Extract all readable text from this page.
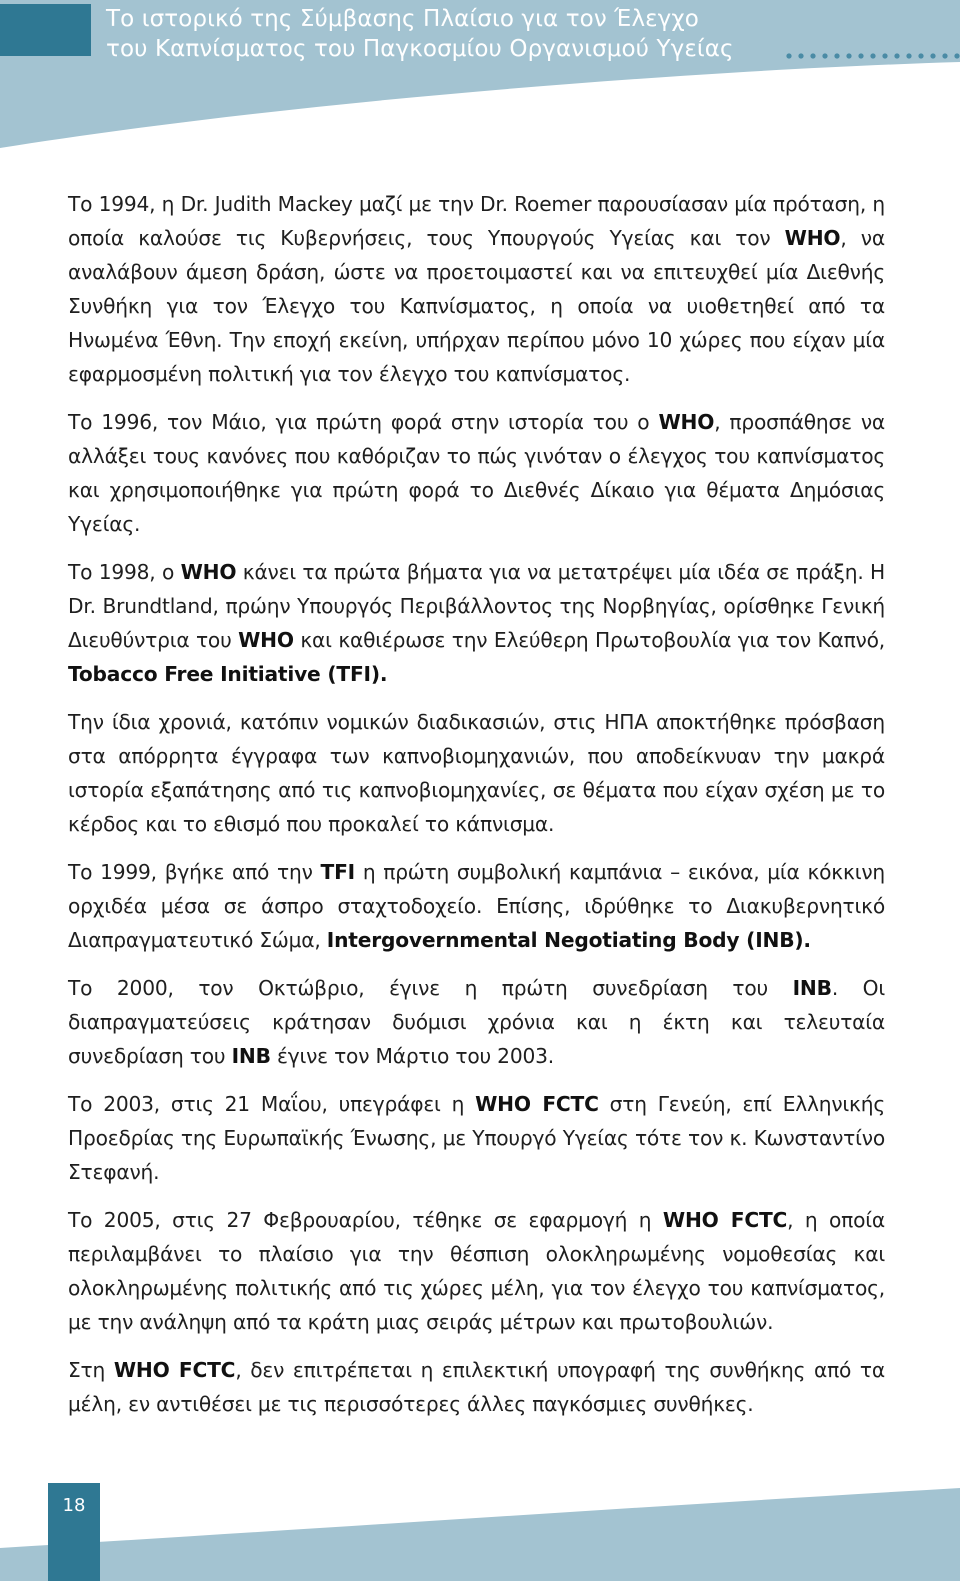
Το ιστορικό της Σύμβασης Πλαίσιο για τον Έλεγχο
του Καπνίσματος του Παγκοσμίου Οργανισμού Υγείας

Το 1994, η Dr. Judith Mackey μαζί με την Dr. Roemer παρουσίασαν μία πρόταση, η οποία καλούσε τις Κυβερνήσεις, τους Υπουργούς Υγείας και τον WHO, να αναλάβουν άμεση δράση, ώστε να προετοιμαστεί και να επιτευχθεί μία Διεθνής Συνθήκη για τον Έλεγχο του Καπνίσματος, η οποία να υιοθετηθεί από τα Ηνωμένα Έθνη. Την εποχή εκείνη, υπήρχαν περίπου μόνο 10 χώρες που είχαν μία εφαρμοσμένη πολιτική για τον έλεγχο του καπνίσματος.

Το 1996, τον Μάιο, για πρώτη φορά στην ιστορία του ο WHO, προσπάθησε να αλλάξει τους κανόνες που καθόριζαν το πώς γινόταν ο έλεγχος του καπνίσματος και χρησιμοποιήθηκε για πρώτη φορά το Διεθνές Δίκαιο για θέματα Δημόσιας Υγείας.

Το 1998, ο WHO κάνει τα πρώτα βήματα για να μετατρέψει μία ιδέα σε πράξη. Η Dr. Brundtland, πρώην Υπουργός Περιβάλλοντος της Νορβηγίας, ορίσθηκε Γενική Διευθύντρια του WHO και καθιέρωσε την Ελεύθερη Πρωτοβουλία για τον Καπνό, Tobacco Free Initiative (TFI).

Την ίδια χρονιά, κατόπιν νομικών διαδικασιών, στις ΗΠΑ αποκτήθηκε πρόσβαση στα απόρρητα έγγραφα των καπνοβιομηχανιών, που αποδείκνυαν την μακρά ιστορία εξαπάτησης από τις καπνοβιομηχανίες, σε θέματα που είχαν σχέση με το κέρδος και το εθισμό που προκαλεί το κάπνισμα.

Το 1999, βγήκε από την TFI η πρώτη συμβολική καμπάνια – εικόνα, μία κόκκινη ορχιδέα μέσα σε άσπρο σταχτοδοχείο. Επίσης, ιδρύθηκε το Διακυβερνητικό Διαπραγματευτικό Σώμα, Intergovernmental Negotiating Body (INB).

Το 2000, τον Οκτώβριο, έγινε η πρώτη συνεδρίαση του INB. Οι διαπραγματεύσεις κράτησαν δυόμισι χρόνια και η έκτη και τελευταία συνεδρίαση του INB έγινε τον Μάρτιο του 2003.

Το 2003, στις 21 Μαΐου, υπεγράφει η WHO FCTC στη Γενεύη, επί Ελληνικής Προεδρίας της Ευρωπαϊκής Ένωσης, με Υπουργό Υγείας τότε τον κ. Κωνσταντίνο Στεφανή.

Το 2005, στις 27 Φεβρουαρίου, τέθηκε σε εφαρμογή η WHO FCTC, η οποία περιλαμβάνει το πλαίσιο για την θέσπιση ολοκληρωμένης νομοθεσίας και ολοκληρωμένης πολιτικής από τις χώρες μέλη, για τον έλεγχο του καπνίσματος, με την ανάληψη από τα κράτη μιας σειράς μέτρων και πρωτοβουλιών.

Στη WHO FCTC, δεν επιτρέπεται η επιλεκτική υπογραφή της συνθήκης από τα μέλη, εν αντιθέσει με τις περισσότερες άλλες παγκόσμιες συνθήκες.

18
